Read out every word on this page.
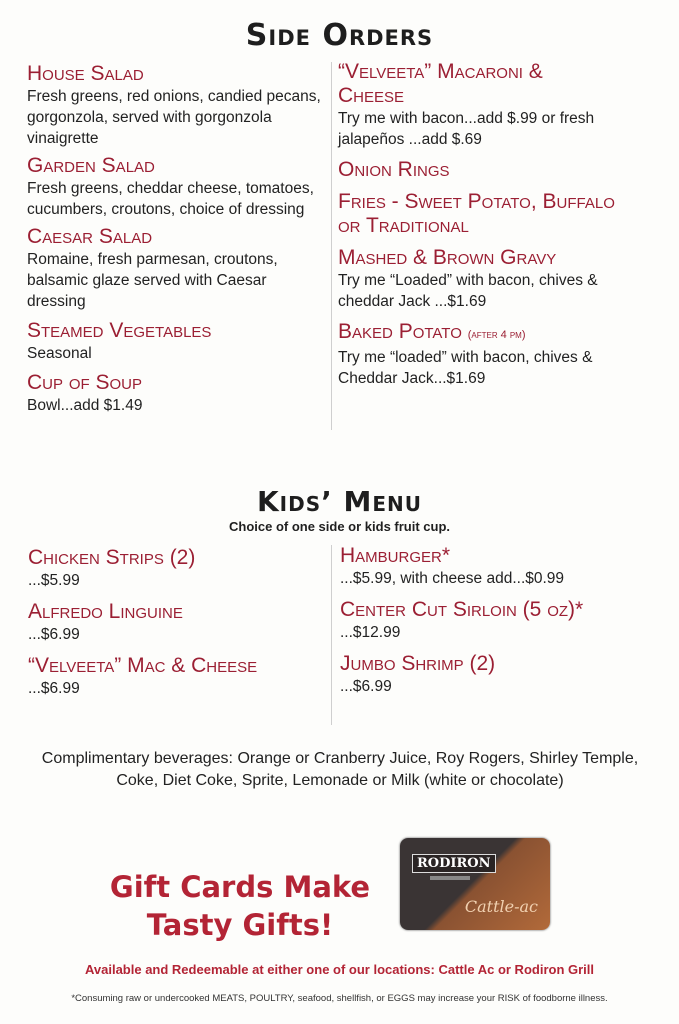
Side Orders
House Salad
Fresh greens, red onions, candied pecans, gorgonzola, served with gorgonzola vinaigrette
Garden Salad
Fresh greens, cheddar cheese, tomatoes, cucumbers, croutons, choice of dressing
Caesar Salad
Romaine, fresh parmesan, croutons, balsamic glaze served with Caesar dressing
Steamed Vegetables
Seasonal
Cup of Soup
Bowl...add $1.49
“Velveeta” Macaroni & Cheese
Try me with bacon...add $.99 or fresh jalapeños ...add $.69
Onion Rings
Fries - Sweet Potato, Buffalo or Traditional
Mashed & Brown Gravy
Try me “Loaded” with bacon, chives & cheddar Jack ...$1.69
Baked Potato (after 4 pm)
Try me “loaded” with bacon, chives & Cheddar Jack...$1.69
Kids’ Menu
Choice of one side or kids fruit cup.
Chicken Strips (2)
...$5.99
Alfredo Linguine
...$6.99
“Velveeta” Mac & Cheese
...$6.99
Hamburger*
...$5.99, with cheese add...$0.99
Center Cut Sirloin (5 oz)*
...$12.99
Jumbo Shrimp (2)
...$6.99
Complimentary beverages: Orange or Cranberry Juice, Roy Rogers, Shirley Temple, Coke, Diet Coke, Sprite, Lemonade or Milk (white or chocolate)
Gift Cards Make
Tasty Gifts!
RODIRON
Cattle-ac
Available and Redeemable at either one of our locations: Cattle Ac or Rodiron Grill
*Consuming raw or undercooked MEATS, POULTRY, seafood, shellfish, or EGGS may increase your RISK of foodborne illness.
